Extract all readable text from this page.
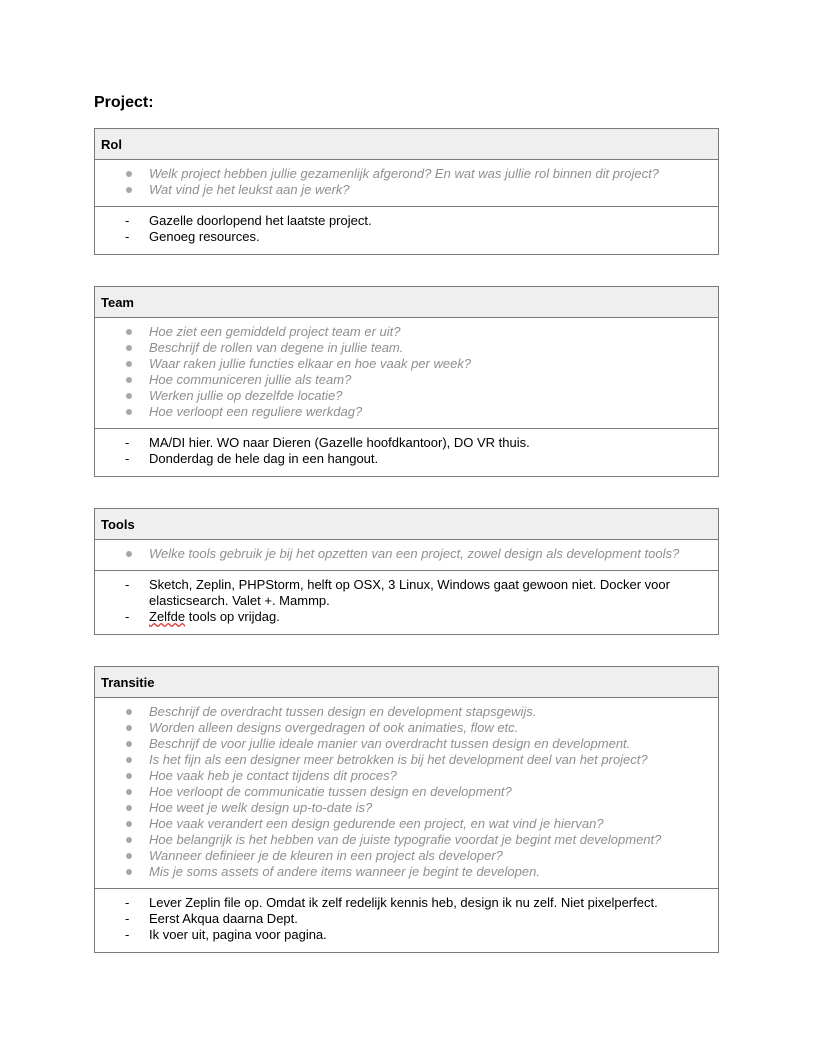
Project:
Rol
Welk project hebben jullie gezamenlijk afgerond? En wat was jullie rol binnen dit project?
Wat vind je het leukst aan je werk?
- Gazelle doorlopend het laatste project.
- Genoeg resources.
Team
Hoe ziet een gemiddeld project team er uit?
Beschrijf de rollen van degene in jullie team.
Waar raken jullie functies elkaar en hoe vaak per week?
Hoe communiceren jullie als team?
Werken jullie op dezelfde locatie?
Hoe verloopt een reguliere werkdag?
- MA/DI hier. WO naar Dieren (Gazelle hoofdkantoor), DO VR thuis.
- Donderdag de hele dag in een hangout.
Tools
Welke tools gebruik je bij het opzetten van een project, zowel design als development tools?
- Sketch, Zeplin, PHPStorm, helft op OSX, 3 Linux, Windows gaat gewoon niet. Docker voor elasticsearch. Valet +. Mammp.
- Zelfde tools op vrijdag.
Transitie
Beschrijf de overdracht tussen design en development stapsgewijs.
Worden alleen designs overgedragen of ook animaties, flow etc.
Beschrijf de voor jullie ideale manier van overdracht tussen design en development.
Is het fijn als een designer meer betrokken is bij het development deel van het project?
Hoe vaak heb je contact tijdens dit proces?
Hoe verloopt de communicatie tussen design en development?
Hoe weet je welk design up-to-date is?
Hoe vaak verandert een design gedurende een project, en wat vind je hiervan?
Hoe belangrijk is het hebben van de juiste typografie voordat je begint met development?
Wanneer definieer je de kleuren in een project als developer?
Mis je soms assets of andere items wanneer je begint te developen.
- Lever Zeplin file op. Omdat ik zelf redelijk kennis heb, design ik nu zelf. Niet pixelperfect.
- Eerst Akqua daarna Dept.
- Ik voer uit, pagina voor pagina.
